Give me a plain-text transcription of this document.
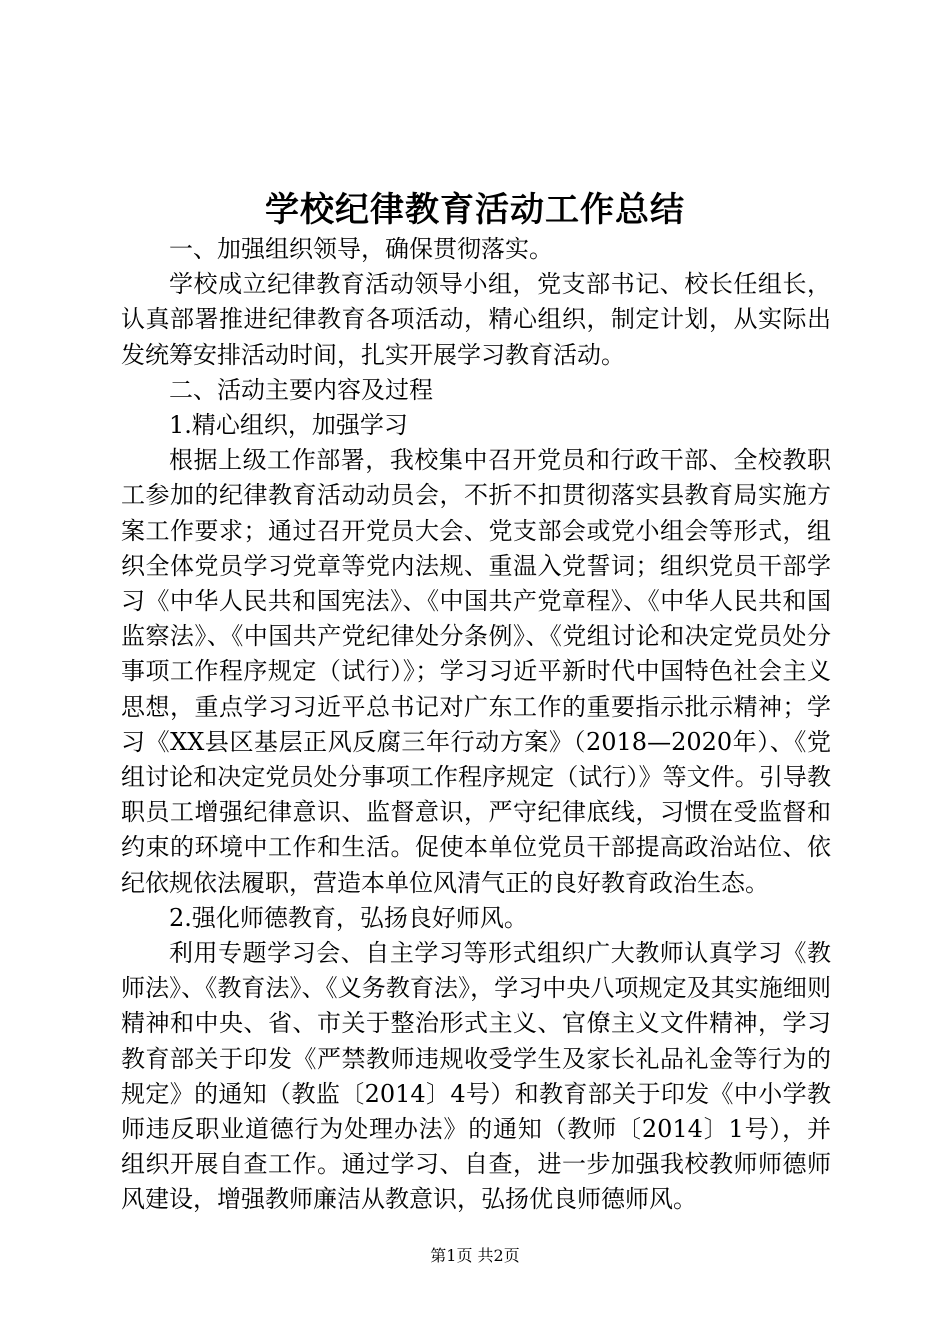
学校纪律教育活动工作总结

一、加强组织领导，确保贯彻落实。

学校成立纪律教育活动领导小组，党支部书记、校长任组长，认真部署推进纪律教育各项活动，精心组织，制定计划，从实际出发统筹安排活动时间，扎实开展学习教育活动。

二、活动主要内容及过程

1.精心组织，加强学习

根据上级工作部署，我校集中召开党员和行政干部、全校教职工参加的纪律教育活动动员会，不折不扣贯彻落实县教育局实施方案工作要求；通过召开党员大会、党支部会或党小组会等形式，组织全体党员学习党章等党内法规、重温入党誓词；组织党员干部学习《中华人民共和国宪法》、《中国共产党章程》、《中华人民共和国监察法》、《中国共产党纪律处分条例》、《党组讨论和决定党员处分事项工作程序规定（试行）》；学习习近平新时代中国特色社会主义思想，重点学习习近平总书记对广东工作的重要指示批示精神；学习《XX县区基层正风反腐三年行动方案》（2018—2020年）、《党组讨论和决定党员处分事项工作程序规定（试行）》等文件。引导教职员工增强纪律意识、监督意识，严守纪律底线，习惯在受监督和约束的环境中工作和生活。促使本单位党员干部提高政治站位、依纪依规依法履职，营造本单位风清气正的良好教育政治生态。

2.强化师德教育，弘扬良好师风。

利用专题学习会、自主学习等形式组织广大教师认真学习《教师法》、《教育法》、《义务教育法》，学习中央八项规定及其实施细则精神和中央、省、市关于整治形式主义、官僚主义文件精神，学习教育部关于印发《严禁教师违规收受学生及家长礼品礼金等行为的规定》的通知（教监〔2014〕4号）和教育部关于印发《中小学教师违反职业道德行为处理办法》的通知（教师〔2014〕1号），并组织开展自查工作。通过学习、自查，进一步加强我校教师师德师风建设，增强教师廉洁从教意识，弘扬优良师德师风。

第1页 共2页
